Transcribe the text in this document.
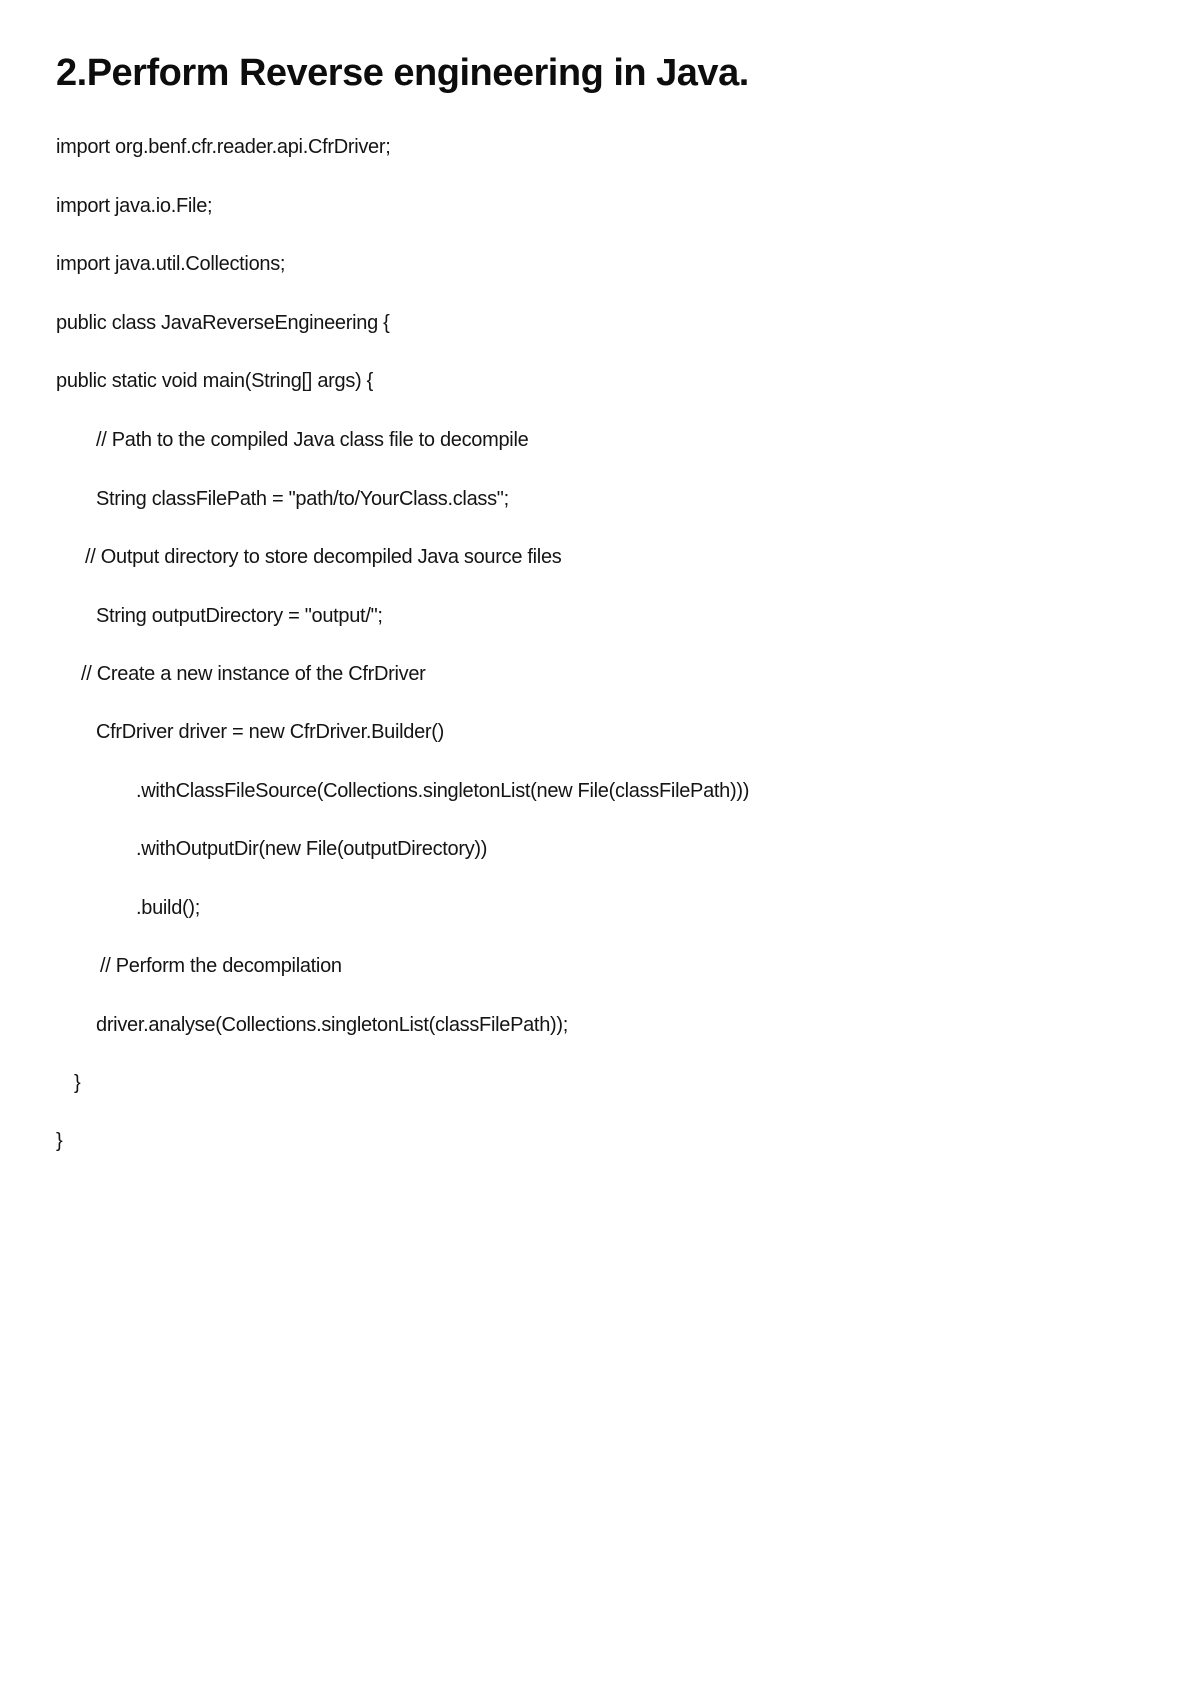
2.Perform Reverse engineering in Java.

import org.benf.cfr.reader.api.CfrDriver;

import java.io.File;

import java.util.Collections;

public class JavaReverseEngineering {

public static void main(String[] args) {

// Path to the compiled Java class file to decompile

String classFilePath = "path/to/YourClass.class";

// Output directory to store decompiled Java source files

String outputDirectory = "output/";

// Create a new instance of the CfrDriver

CfrDriver driver = new CfrDriver.Builder()

.withClassFileSource(Collections.singletonList(new File(classFilePath)))

.withOutputDir(new File(outputDirectory))

.build();

// Perform the decompilation

driver.analyse(Collections.singletonList(classFilePath));

}

}
